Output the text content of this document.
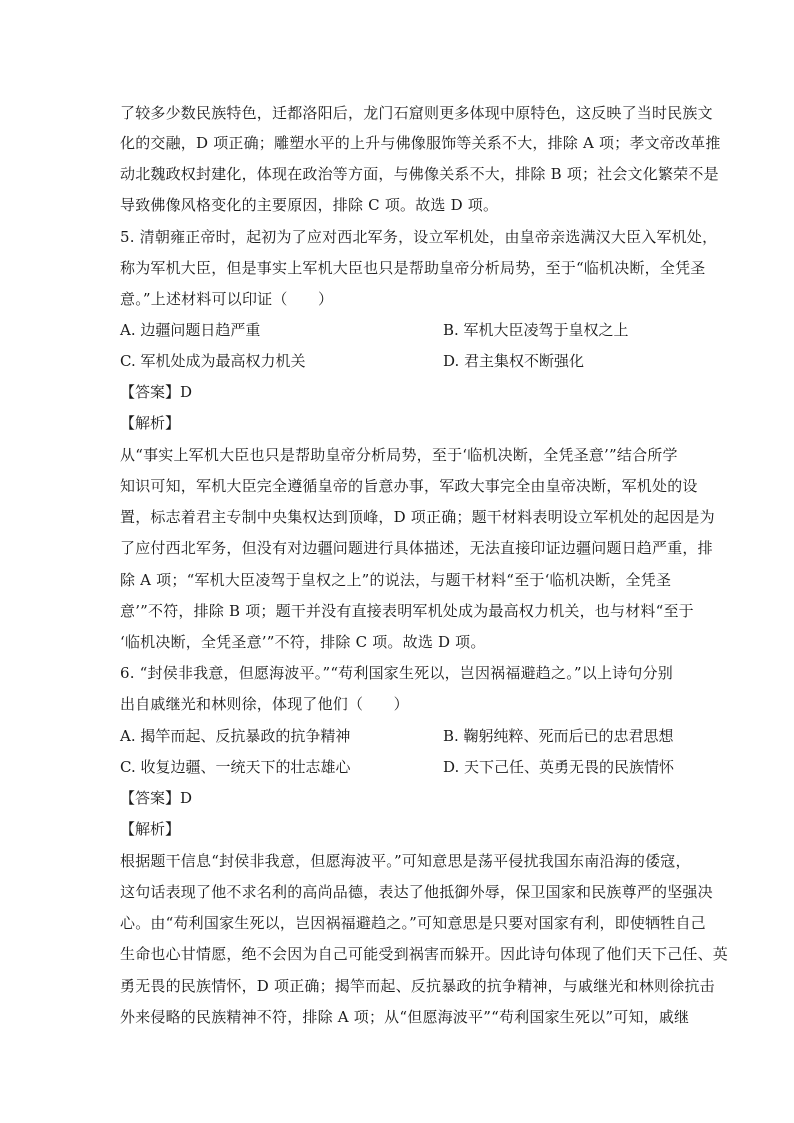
了较多少数民族特色，迁都洛阳后，龙门石窟则更多体现中原特色，这反映了当时民族文
化的交融，D 项正确；雕塑水平的上升与佛像服饰等关系不大，排除 A 项；孝文帝改革推
动北魏政权封建化，体现在政治等方面，与佛像关系不大，排除 B 项；社会文化繁荣不是
导致佛像风格变化的主要原因，排除 C 项。故选 D 项。
5. 清朝雍正帝时，起初为了应对西北军务，设立军机处，由皇帝亲选满汉大臣入军机处，
称为军机大臣，但是事实上军机大臣也只是帮助皇帝分析局势，至于“临机决断，全凭圣
意。”上述材料可以印证（　　）
A. 边疆问题日趋严重	B. 军机大臣凌驾于皇权之上
C. 军机处成为最高权力机关	D. 君主集权不断强化
【答案】D
【解析】
从“事实上军机大臣也只是帮助皇帝分析局势，至于‘临机决断，全凭圣意’”结合所学
知识可知，军机大臣完全遵循皇帝的旨意办事，军政大事完全由皇帝决断，军机处的设
置，标志着君主专制中央集权达到顶峰，D 项正确；题干材料表明设立军机处的起因是为
了应付西北军务，但没有对边疆问题进行具体描述，无法直接印证边疆问题日趋严重，排
除 A 项；“军机大臣凌驾于皇权之上”的说法，与题干材料“至于‘临机决断，全凭圣
意’”不符，排除 B 项；题干并没有直接表明军机处成为最高权力机关，也与材料“至于
‘临机决断，全凭圣意’”不符，排除 C 项。故选 D 项。
6. “封侯非我意，但愿海波平。”“苟利国家生死以，岂因祸福避趋之。”以上诗句分别
出自戚继光和林则徐，体现了他们（　　）
A. 揭竿而起、反抗暴政的抗争精神	B. 鞠躬纯粹、死而后已的忠君思想
C. 收复边疆、一统天下的壮志雄心	D. 天下己任、英勇无畏的民族情怀
【答案】D
【解析】
根据题干信息“封侯非我意，但愿海波平。”可知意思是荡平侵扰我国东南沿海的倭寇，
这句话表现了他不求名利的高尚品德，表达了他抵御外辱，保卫国家和民族尊严的坚强决
心。由“苟利国家生死以，岂因祸福避趋之。”可知意思是只要对国家有利，即使牺牲自己
生命也心甘情愿，绝不会因为自己可能受到祸害而躲开。因此诗句体现了他们天下己任、英
勇无畏的民族情怀，D 项正确；揭竿而起、反抗暴政的抗争精神，与戚继光和林则徐抗击
外来侵略的民族精神不符，排除 A 项；从“但愿海波平”“苟利国家生死以”可知，戚继
